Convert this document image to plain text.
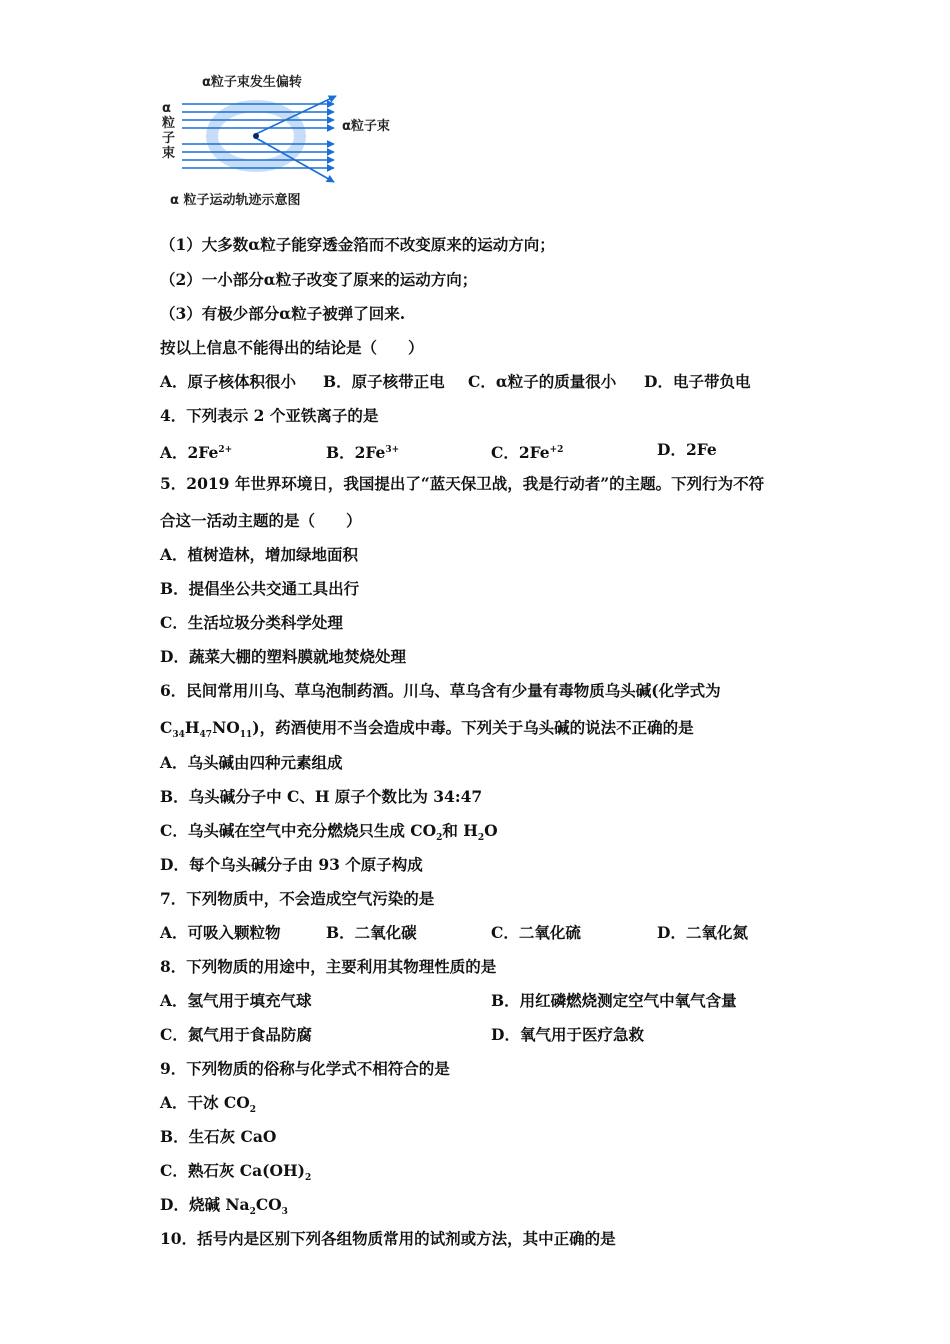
α粒子束发生偏转
α
粒
子
束
α粒子束
α 粒子运动轨迹示意图
（1）大多数α粒子能穿透金箔而不改变原来的运动方向；
（2）一小部分α粒子改变了原来的运动方向；
（3）有极少部分α粒子被弹了回来.
按以上信息不能得出的结论是（　　）
A．原子核体积很小 B．原子核带正电 C．α粒子的质量很小 D．电子带负电
4．下列表示 2 个亚铁离子的是
A．$2Fe^{2+}$	B．$2Fe^{3+}$	C．$2Fe^{+2}$	D．2Fe
5．2019 年世界环境日，我国提出了“蓝天保卫战，我是行动者”的主题。下列行为不符
合这一活动主题的是（　　）
A．植树造林，增加绿地面积
B．提倡坐公共交通工具出行
C．生活垃圾分类科学处理
D．蔬菜大棚的塑料膜就地焚烧处理
6．民间常用川乌、草乌泡制药酒。川乌、草乌含有少量有毒物质乌头碱(化学式为
$C_{34}H_{47}NO_{11}$)，药酒使用不当会造成中毒。下列关于乌头碱的说法不正确的是
A．乌头碱由四种元素组成
B．乌头碱分子中 C、H 原子个数比为 34:47
C．乌头碱在空气中充分燃烧只生成 $CO_2$和 $H_2O$
D．每个乌头碱分子由 93 个原子构成
7．下列物质中，不会造成空气污染的是
A．可吸入颗粒物	B．二氧化碳	C．二氧化硫	D．二氧化氮
8．下列物质的用途中，主要利用其物理性质的是
A．氢气用于填充气球	B．用红磷燃烧测定空气中氧气含量
C．氮气用于食品防腐	D．氧气用于医疗急救
9．下列物质的俗称与化学式不相符合的是
A．干冰 $CO_2$
B．生石灰 CaO
C．熟石灰 $Ca(OH)_2$
D．烧碱 $Na_2CO_3$
10．括号内是区别下列各组物质常用的试剂或方法，其中正确的是
